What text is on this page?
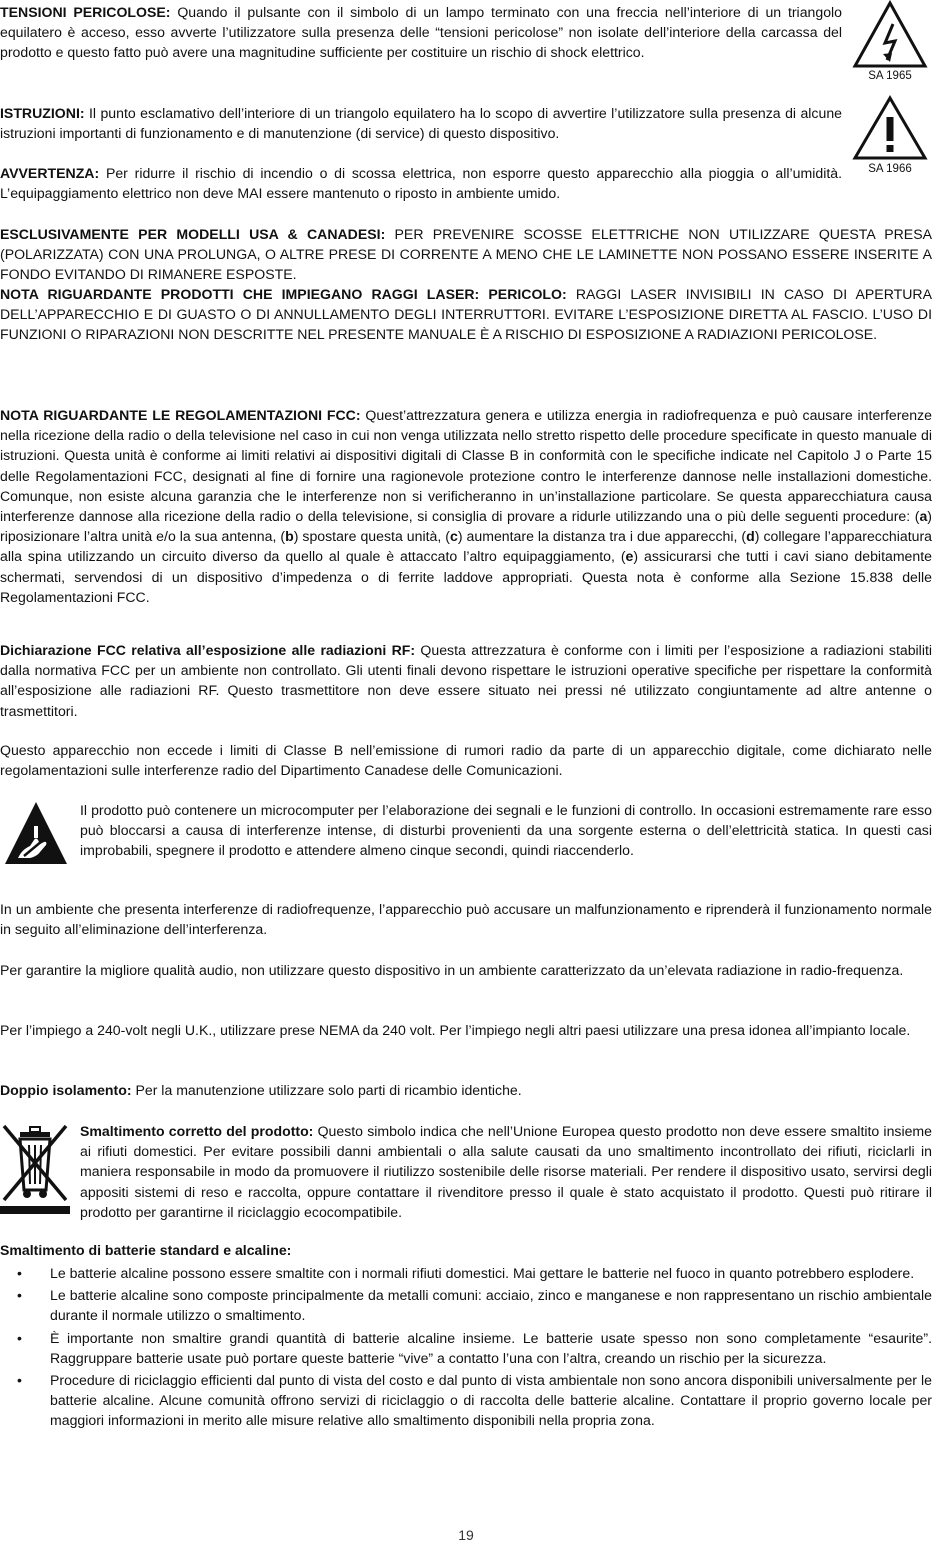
TENSIONI PERICOLOSE: Quando il pulsante con il simbolo di un lampo terminato con una freccia nell’interiore di un triangolo equilatero è acceso, esso avverte l’utilizzatore sulla presenza delle “tensioni pericolose” non isolate dell’interiore della carcassa del prodotto e questo fatto può avere una magnitudine sufficiente per costituire un rischio di shock elettrico.

SA 1965

ISTRUZIONI: Il punto esclamativo dell’interiore di un triangolo equilatero ha lo scopo di avvertire l’utilizzatore sulla presenza di alcune istruzioni importanti di funzionamento e di manutenzione (di service) di questo dispositivo.

SA 1966

AVVERTENZA: Per ridurre il rischio di incendio o di scossa elettrica, non esporre questo apparecchio alla pioggia o all’umidità. L’equipaggiamento elettrico non deve MAI essere mantenuto o riposto in ambiente umido.

ESCLUSIVAMENTE PER MODELLI USA & CANADESI: PER PREVENIRE SCOSSE ELETTRICHE NON UTILIZZARE QUESTA PRESA (POLARIZZATA) CON UNA PROLUNGA, O ALTRE PRESE DI CORRENTE A MENO CHE LE LAMINETTE NON POSSANO ESSERE INSERITE A FONDO EVITANDO DI RIMANERE ESPOSTE.

NOTA RIGUARDANTE PRODOTTI CHE IMPIEGANO RAGGI LASER: PERICOLO: RAGGI LASER INVISIBILI IN CASO DI APERTURA DELL’APPARECCHIO E DI GUASTO O DI ANNULLAMENTO DEGLI INTERRUTTORI. EVITARE L’ESPOSIZIONE DIRETTA AL FASCIO. L’USO DI FUNZIONI O RIPARAZIONI NON DESCRITTE NEL PRESENTE MANUALE È A RISCHIO DI ESPOSIZIONE A RADIAZIONI PERICOLOSE.

NOTA RIGUARDANTE LE REGOLAMENTAZIONI FCC: Quest’attrezzatura genera e utilizza energia in radiofrequenza e può causare interferenze nella ricezione della radio o della televisione nel caso in cui non venga utilizzata nello stretto rispetto delle procedure specificate in questo manuale di istruzioni. Questa unità è conforme ai limiti relativi ai dispositivi digitali di Classe B in conformità con le specifiche indicate nel Capitolo J o Parte 15 delle Regolamentazioni FCC, designati al fine di fornire una ragionevole protezione contro le interferenze dannose nelle installazioni domestiche. Comunque, non esiste alcuna garanzia che le interferenze non si verificheranno in un’installazione particolare. Se questa apparecchiatura causa interferenze dannose alla ricezione della radio o della televisione, si consiglia di provare a ridurle utilizzando una o più delle seguenti procedure: (a) riposizionare l’altra unità e/o la sua antenna, (b) spostare questa unità, (c) aumentare la distanza tra i due apparecchi, (d) collegare l’apparecchiatura alla spina utilizzando un circuito diverso da quello al quale è attaccato l’altro equipaggiamento, (e) assicurarsi che tutti i cavi siano debitamente schermati, servendosi di un dispositivo d’impedenza o di ferrite laddove appropriati. Questa nota è conforme alla Sezione 15.838 delle Regolamentazioni FCC.

Dichiarazione FCC relativa all’esposizione alle radiazioni RF: Questa attrezzatura è conforme con i limiti per l’esposizione a radiazioni stabiliti dalla normativa FCC per un ambiente non controllato. Gli utenti finali devono rispettare le istruzioni operative specifiche per rispettare la conformità all’esposizione alle radiazioni RF. Questo trasmettitore non deve essere situato nei pressi né utilizzato congiuntamente ad altre antenne o trasmettitori.

Questo apparecchio non eccede i limiti di Classe B nell’emissione di rumori radio da parte di un apparecchio digitale, come dichiarato nelle regolamentazioni sulle interferenze radio del Dipartimento Canadese delle Comunicazioni.

Il prodotto può contenere un microcomputer per l’elaborazione dei segnali e le funzioni di controllo. In occasioni estremamente rare esso può bloccarsi a causa di interferenze intense, di disturbi provenienti da una sorgente esterna o dell’elettricità statica. In questi casi improbabili, spegnere il prodotto e attendere almeno cinque secondi, quindi riaccenderlo.

In un ambiente che presenta interferenze di radiofrequenze, l’apparecchio può accusare un malfunzionamento e riprenderà il funzionamento normale in seguito all’eliminazione dell’interferenza.

Per garantire la migliore qualità audio, non utilizzare questo dispositivo in un ambiente caratterizzato da un’elevata radiazione in radio-frequenza.

Per l’impiego a 240-volt negli U.K., utilizzare prese NEMA da 240 volt. Per l’impiego negli altri paesi utilizzare una presa idonea all’impianto locale.

Doppio isolamento: Per la manutenzione utilizzare solo parti di ricambio identiche.

Smaltimento corretto del prodotto: Questo simbolo indica che nell’Unione Europea questo prodotto non deve essere smaltito insieme ai rifiuti domestici. Per evitare possibili danni ambientali o alla salute causati da uno smaltimento incontrollato dei rifiuti, riciclarli in maniera responsabile in modo da promuovere il riutilizzo sostenibile delle risorse materiali. Per rendere il dispositivo usato, servirsi degli appositi sistemi di reso e raccolta, oppure contattare il rivenditore presso il quale è stato acquistato il prodotto. Questi può ritirare il prodotto per garantirne il riciclaggio ecocompatibile.

Smaltimento di batterie standard e alcaline:

• Le batterie alcaline possono essere smaltite con i normali rifiuti domestici. Mai gettare le batterie nel fuoco in quanto potrebbero esplodere.
• Le batterie alcaline sono composte principalmente da metalli comuni: acciaio, zinco e manganese e non rappresentano un rischio ambientale durante il normale utilizzo o smaltimento.
• È importante non smaltire grandi quantità di batterie alcaline insieme. Le batterie usate spesso non sono completamente “esaurite”. Raggruppare batterie usate può portare queste batterie “vive” a contatto l’una con l’altra, creando un rischio per la sicurezza.
• Procedure di riciclaggio efficienti dal punto di vista del costo e dal punto di vista ambientale non sono ancora disponibili universalmente per le batterie alcaline. Alcune comunità offrono servizi di riciclaggio o di raccolta delle batterie alcaline. Contattare il proprio governo locale per maggiori informazioni in merito alle misure relative allo smaltimento disponibili nella propria zona.
19
